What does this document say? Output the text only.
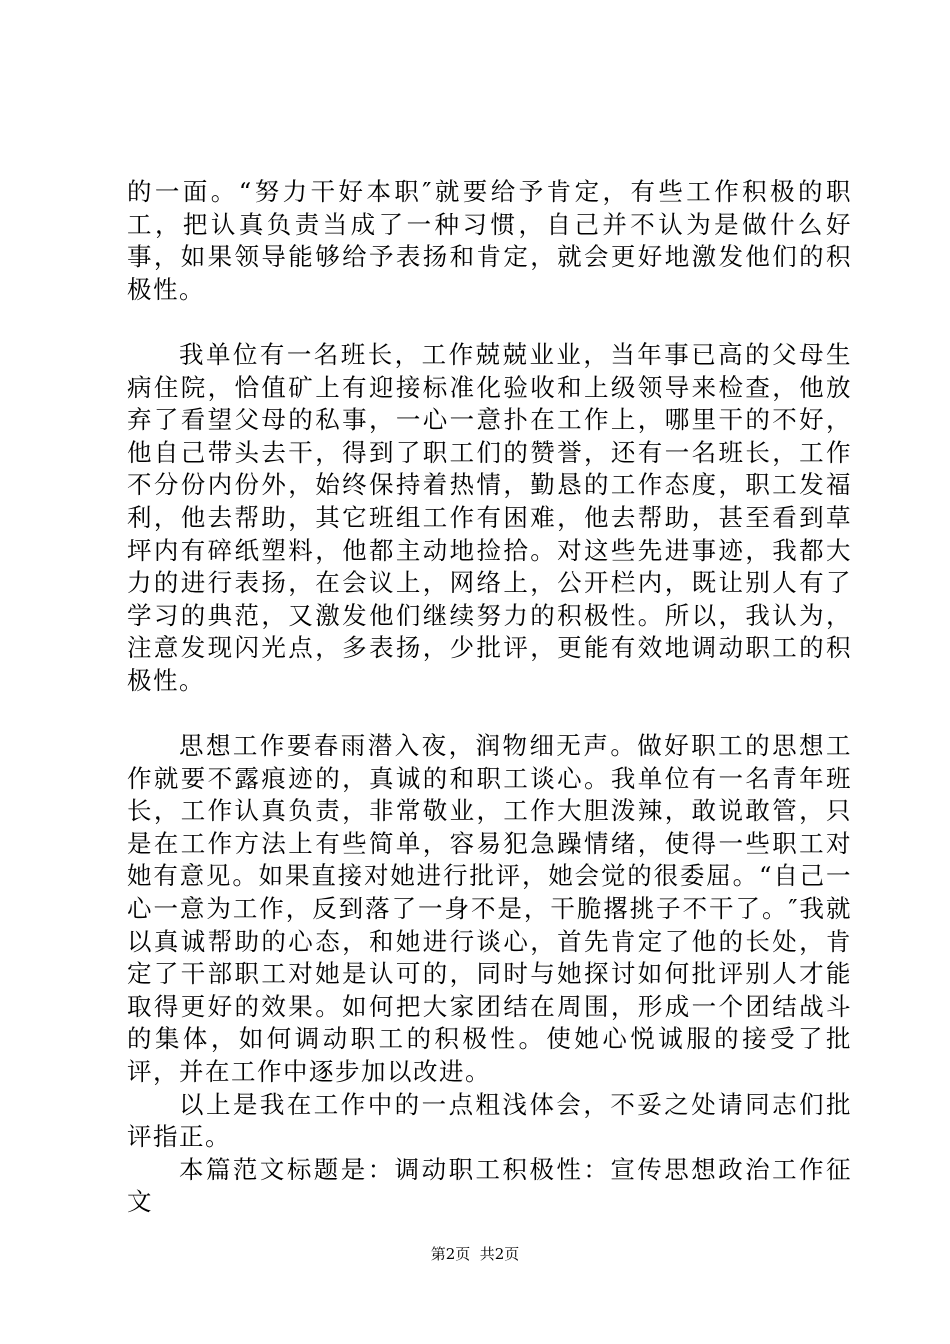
的一面。“努力干好本职″就要给予肯定，有些工作积极的职工，把认真负责当成了一种习惯，自己并不认为是做什么好事，如果领导能够给予表扬和肯定，就会更好地激发他们的积极性。

我单位有一名班长，工作兢兢业业，当年事已高的父母生病住院，恰值矿上有迎接标准化验收和上级领导来检查，他放弃了看望父母的私事，一心一意扑在工作上，哪里干的不好，他自己带头去干，得到了职工们的赞誉，还有一名班长，工作不分份内份外，始终保持着热情，勤恳的工作态度，职工发福利，他去帮助，其它班组工作有困难，他去帮助，甚至看到草坪内有碎纸塑料，他都主动地捡拾。对这些先进事迹，我都大力的进行表扬，在会议上，网络上，公开栏内，既让别人有了学习的典范，又激发他们继续努力的积极性。所以，我认为，注意发现闪光点，多表扬，少批评，更能有效地调动职工的积极性。

思想工作要春雨潜入夜，润物细无声。做好职工的思想工作就要不露痕迹的，真诚的和职工谈心。我单位有一名青年班长，工作认真负责，非常敬业，工作大胆泼辣，敢说敢管，只是在工作方法上有些简单，容易犯急躁情绪，使得一些职工对她有意见。如果直接对她进行批评，她会觉的很委屈。“自己一心一意为工作，反到落了一身不是，干脆撂挑子不干了。″我就以真诚帮助的心态，和她进行谈心，首先肯定了他的长处，肯定了干部职工对她是认可的，同时与她探讨如何批评别人才能取得更好的效果。如何把大家团结在周围，形成一个团结战斗的集体，如何调动职工的积极性。使她心悦诚服的接受了批评，并在工作中逐步加以改进。

以上是我在工作中的一点粗浅体会，不妥之处请同志们批评指正。

本篇范文标题是：调动职工积极性：宣传思想政治工作征文

第2页  共2页
